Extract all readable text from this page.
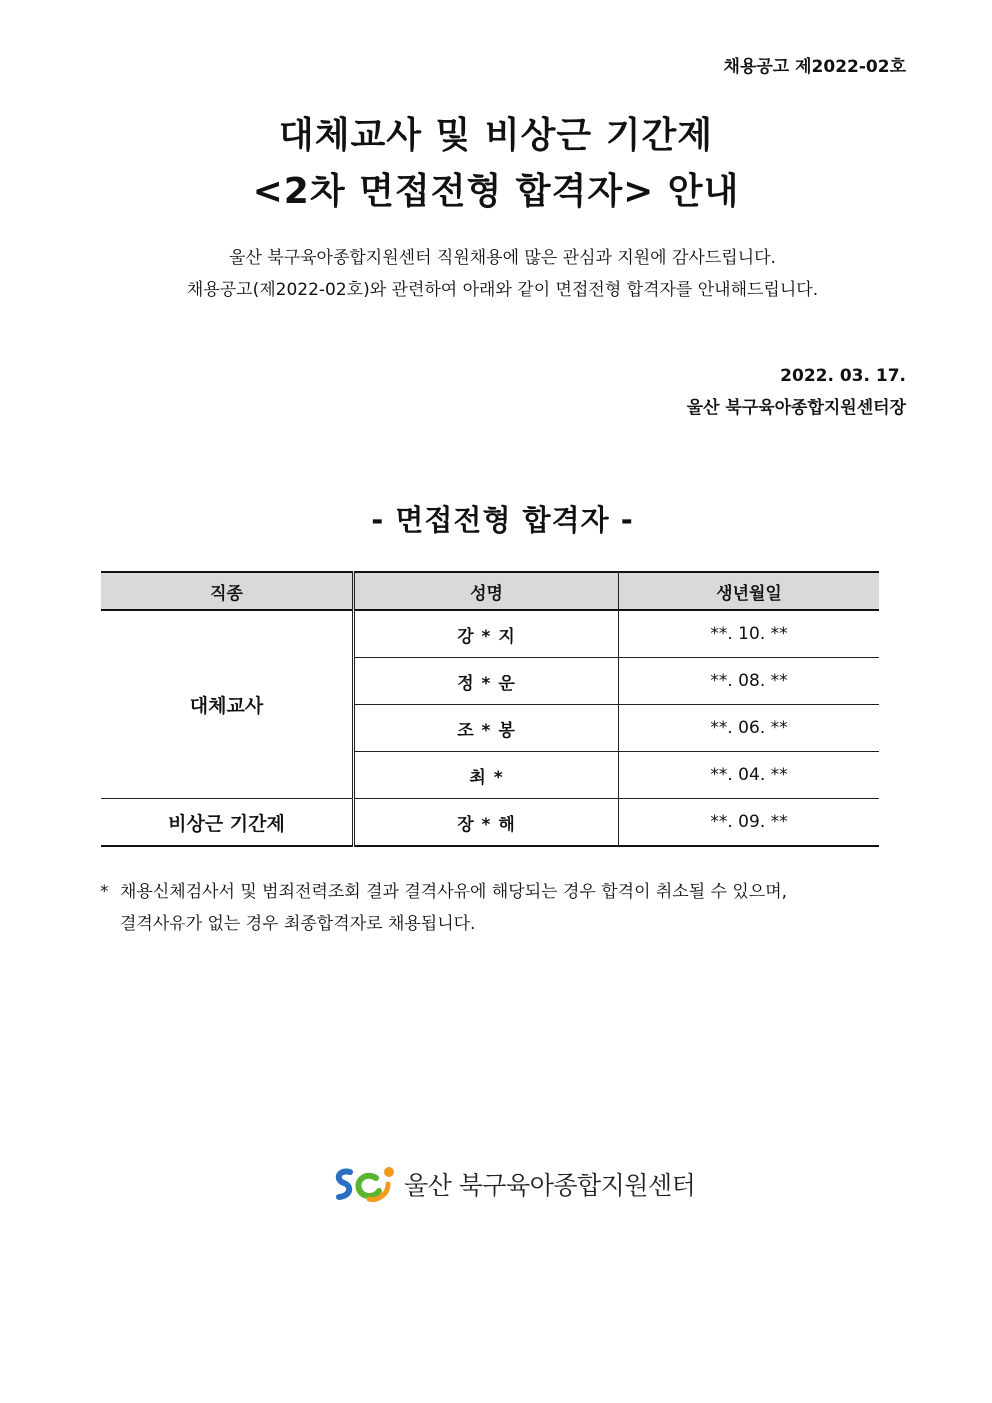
채용공고 제2022-02호
대체교사 및 비상근 기간제
<2차 면접전형 합격자> 안내
울산 북구육아종합지원센터 직원채용에 많은 관심과 지원에 감사드립니다.
채용공고(제2022-02호)와 관련하여 아래와 같이 면접전형 합격자를 안내해드립니다.
2022. 03. 17.
울산 북구육아종합지원센터장
- 면접전형 합격자 -
직종	성명	생년월일
대체교사	강 * 지	**. 10. **
	정 * 운	**. 08. **
	조 * 봉	**. 06. **
	최 *	**. 04. **
비상근 기간제	장 * 해	**. 09. **
* 채용신체검사서 및 범죄전력조회 결과 결격사유에 해당되는 경우 합격이 취소될 수 있으며,
결격사유가 없는 경우 최종합격자로 채용됩니다.
울산 북구육아종합지원센터
